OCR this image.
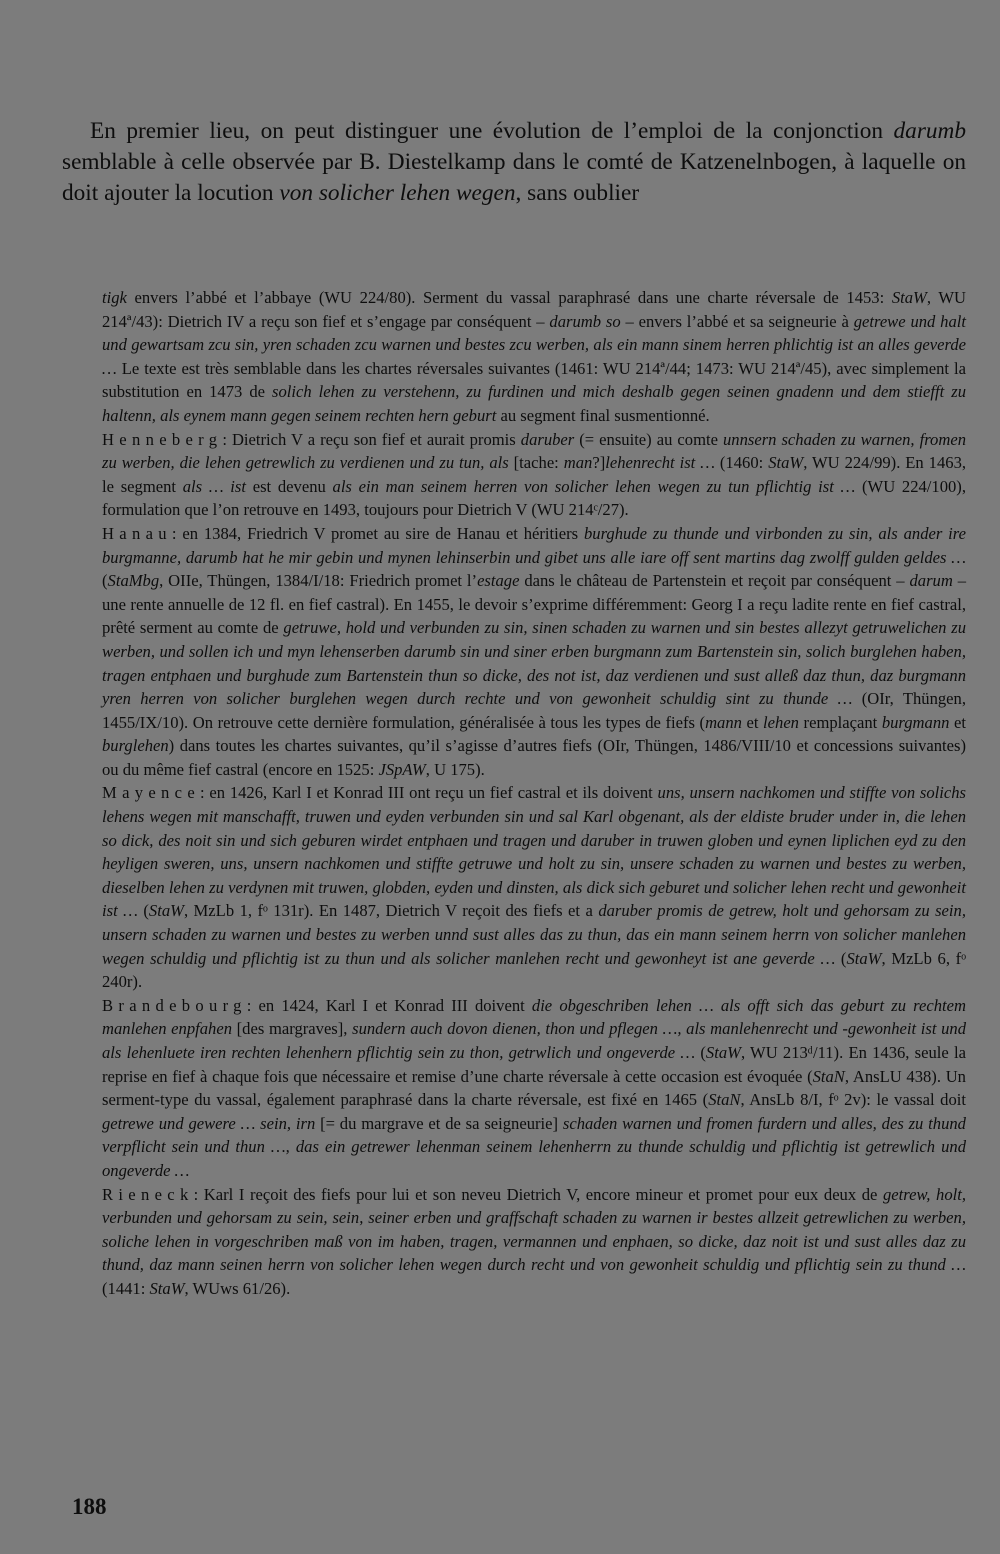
En premier lieu, on peut distinguer une évolution de l’emploi de la conjonction darumb semblable à celle observée par B. Diestelkamp dans le comté de Katzenelnbogen, à laquelle on doit ajouter la locution von solicher lehen wegen, sans oublier

tigk envers l’abbé et l’abbaye (WU 224/80). Serment du vassal paraphrasé dans une charte réversale de 1453: StaW, WU 214ª/43): Dietrich IV a reçu son fief et s’engage par conséquent – darumb so – envers l’abbé et sa seigneurie à getrewe und halt und gewartsam zcu sin, yren schaden zcu warnen und bestes zcu werben, als ein mann sinem herren phlichtig ist an alles geverde … Le texte est très semblable dans les chartes réversales suivantes (1461: WU 214ª/44; 1473: WU 214ª/45), avec simplement la substitution en 1473 de solich lehen zu verstehenn, zu furdinen und mich deshalb gegen seinen gnadenn und dem stiefft zu haltenn, als eynem mann gegen seinem rechten hern geburt au segment final susmentionné.

Henneberg: Dietrich V a reçu son fief et aurait promis daruber (= ensuite) au comte unnsern schaden zu warnen, fromen zu werben, die lehen getrewlich zu verdienen und zu tun, als [tache: man?]lehenrecht ist … (1460: StaW, WU 224/99). En 1463, le segment als … ist est devenu als ein man seinem herren von solicher lehen wegen zu tun pflichtig ist … (WU 224/100), formulation que l’on retrouve en 1493, toujours pour Dietrich V (WU 214ᶜ/27).

Hanau: en 1384, Friedrich V promet au sire de Hanau et héritiers burghude zu thunde und virbonden zu sin, als ander ire burgmanne, darumb hat he mir gebin und mynen lehinserbin und gibet uns alle iare off sent martins dag zwolff gulden geldes … (StaMbg, OIIe, Thüngen, 1384/I/18: Friedrich promet l’estage dans le château de Partenstein et reçoit par conséquent – darum – une rente annuelle de 12 fl. en fief castral). En 1455, le devoir s’exprime différemment: Georg I a reçu ladite rente en fief castral, prêté serment au comte de getruwe, hold und verbunden zu sin, sinen schaden zu warnen und sin bestes allezyt getruwelichen zu werben, und sollen ich und myn lehenserben darumb sin und siner erben burgmann zum Bartenstein sin, solich burglehen haben, tragen entphaen und burghude zum Bartenstein thun so dicke, des not ist, daz verdienen und sust alleß daz thun, daz burgmann yren herren von solicher burglehen wegen durch rechte und von gewonheit schuldig sint zu thunde … (OIr, Thüngen, 1455/IX/10). On retrouve cette dernière formulation, généralisée à tous les types de fiefs (mann et lehen remplaçant burgmann et burglehen) dans toutes les chartes suivantes, qu’il s’agisse d’autres fiefs (OIr, Thüngen, 1486/VIII/10 et concessions suivantes) ou du même fief castral (encore en 1525: JSpAW, U 175).

Mayence: en 1426, Karl I et Konrad III ont reçu un fief castral et ils doivent uns, unsern nachkomen und stiffte von solichs lehens wegen mit manschafft, truwen und eyden verbunden sin und sal Karl obgenant, als der eldiste bruder under in, die lehen so dick, des noit sin und sich geburen wirdet entphaen und tragen und daruber in truwen globen und eynen liplichen eyd zu den heyligen sweren, uns, unsern nachkomen und stiffte getruwe und holt zu sin, unsere schaden zu warnen und bestes zu werben, dieselben lehen zu verdynen mit truwen, globden, eyden und dinsten, als dick sich geburet und solicher lehen recht und gewonheit ist … (StaW, MzLb 1, fᵒ 131r). En 1487, Dietrich V reçoit des fiefs et a daruber promis de getrew, holt und gehorsam zu sein, unsern schaden zu warnen und bestes zu werben unnd sust alles das zu thun, das ein mann seinem herrn von solicher manlehen wegen schuldig und pflichtig ist zu thun und als solicher manlehen recht und gewonheyt ist ane geverde … (StaW, MzLb 6, fᵒ 240r).

Brandebourg: en 1424, Karl I et Konrad III doivent die obgeschriben lehen … als offt sich das geburt zu rechtem manlehen enpfahen [des margraves], sundern auch dovon dienen, thon und pflegen …, als manlehenrecht und -gewonheit ist und als lehenluete iren rechten lehenhern pflichtig sein zu thon, getrwlich und ongeverde … (StaW, WU 213ᵈ/11). En 1436, seule la reprise en fief à chaque fois que nécessaire et remise d’une charte réversale à cette occasion est évoquée (StaN, AnsLU 438). Un serment-type du vassal, également paraphrasé dans la charte réversale, est fixé en 1465 (StaN, AnsLb 8/I, fᵒ 2v): le vassal doit getrewe und gewere … sein, irn [= du margrave et de sa seigneurie] schaden warnen und fromen furdern und alles, des zu thund verpflicht sein und thun …, das ein getrewer lehenman seinem lehenherrn zu thunde schuldig und pflichtig ist getrewlich und ongeverde …

Rieneck: Karl I reçoit des fiefs pour lui et son neveu Dietrich V, encore mineur et promet pour eux deux de getrew, holt, verbunden und gehorsam zu sein, sein, seiner erben und graffschaft schaden zu warnen ir bestes allzeit getrewlichen zu werben, soliche lehen in vorgeschriben maß von im haben, tragen, vermannen und enphaen, so dicke, daz noit ist und sust alles daz zu thund, daz mann seinen herrn von solicher lehen wegen durch recht und von gewonheit schuldig und pflichtig sein zu thund … (1441: StaW, WUws 61/26).

188
